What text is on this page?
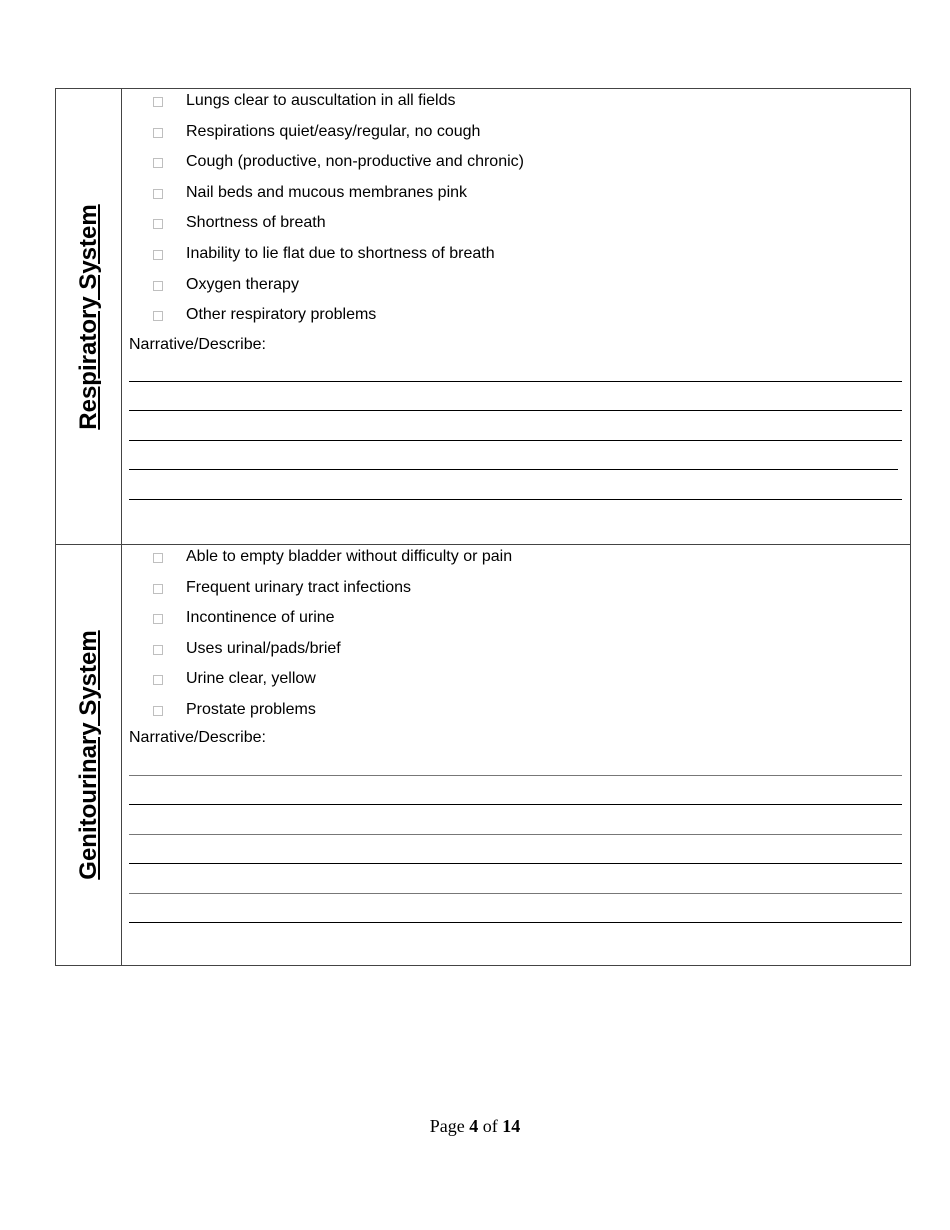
Respiratory System
Lungs clear to auscultation in all fields
Respirations quiet/easy/regular, no cough
Cough (productive, non-productive and chronic)
Nail beds and mucous membranes pink
Shortness of breath
Inability to lie flat due to shortness of breath
Oxygen therapy
Other respiratory problems
Narrative/Describe:
Genitourinary System
Able to empty bladder without difficulty or pain
Frequent urinary tract infections
Incontinence of urine
Uses urinal/pads/brief
Urine clear, yellow
Prostate problems
Narrative/Describe:
Page 4 of 14
